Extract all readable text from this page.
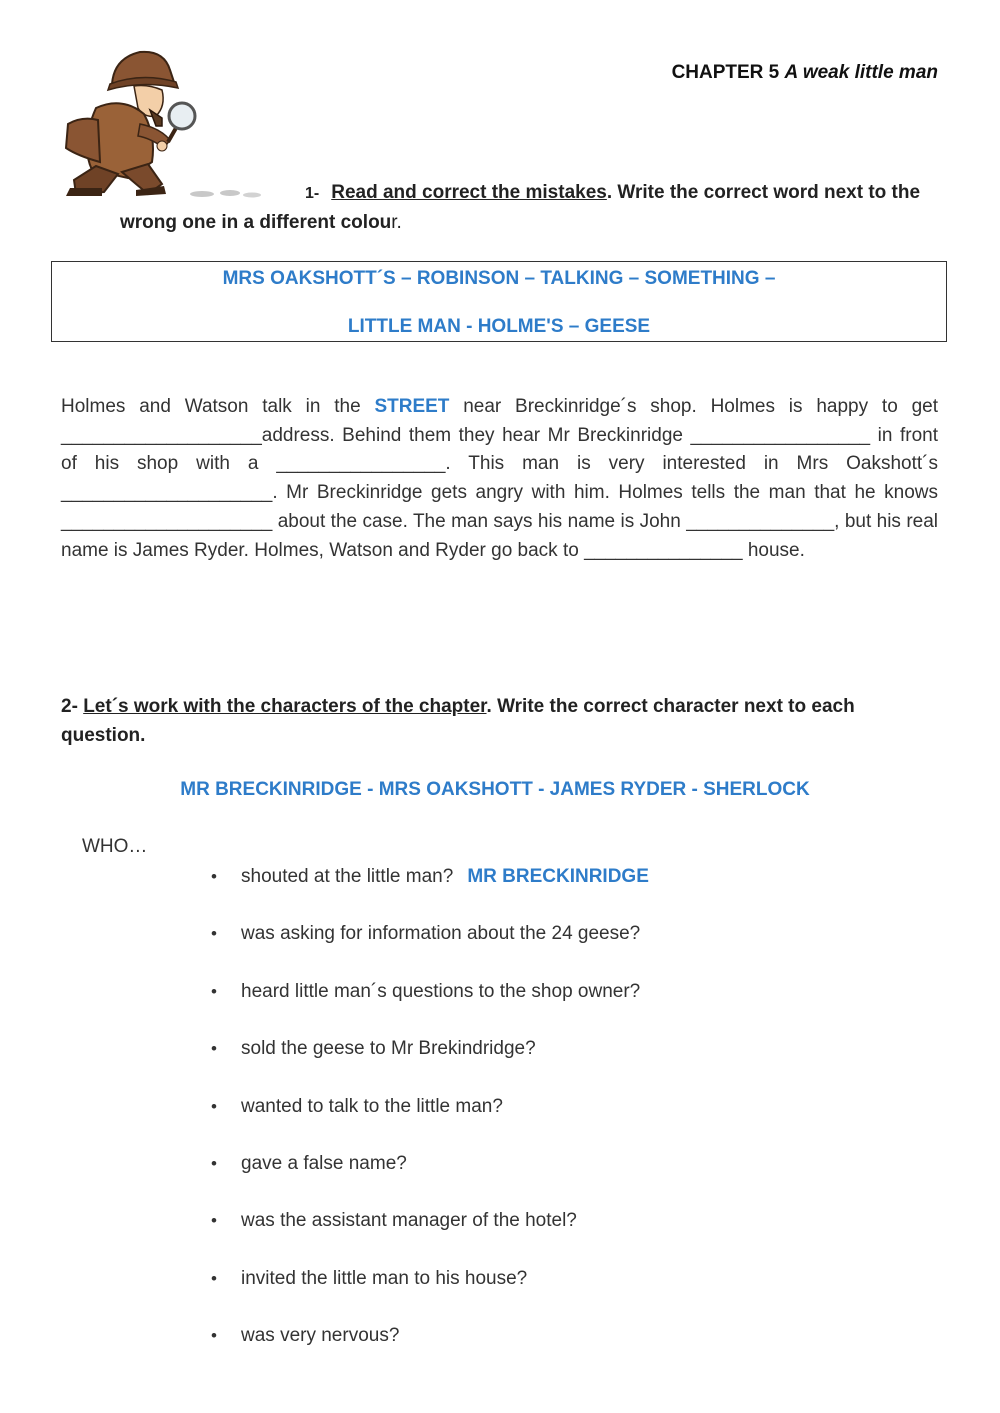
CHAPTER 5 A weak little man
1- Read and correct the mistakes. Write the correct word next to the wrong one in a different colour.
MRS OAKSHOTT´S – ROBINSON – TALKING – SOMETHING –
LITTLE MAN - HOLME'S – GEESE
Holmes and Watson talk in the STREET near Breckinridge´s shop. Holmes is happy to get ___________________address. Behind them they hear Mr Breckinridge _________________ in front of his shop with a ________________. This man is very interested in Mrs Oakshott´s ____________________. Mr Breckinridge gets angry with him. Holmes tells the man that he knows ____________________ about the case. The man says his name is John ______________, but his real name is James Ryder. Holmes, Watson and Ryder go back to _______________ house.
2- Let´s work with the characters of the chapter. Write the correct character next to each question.
MR BRECKINRIDGE - MRS OAKSHOTT - JAMES RYDER - SHERLOCK
WHO…
• shouted at the little man? MR BRECKINRIDGE
• was asking for information about the 24 geese?
• heard little man´s questions to the shop owner?
• sold the geese to Mr Brekindridge?
• wanted to talk to the little man?
• gave a false name?
• was the assistant manager of the hotel?
• invited the little man to his house?
• was very nervous?
